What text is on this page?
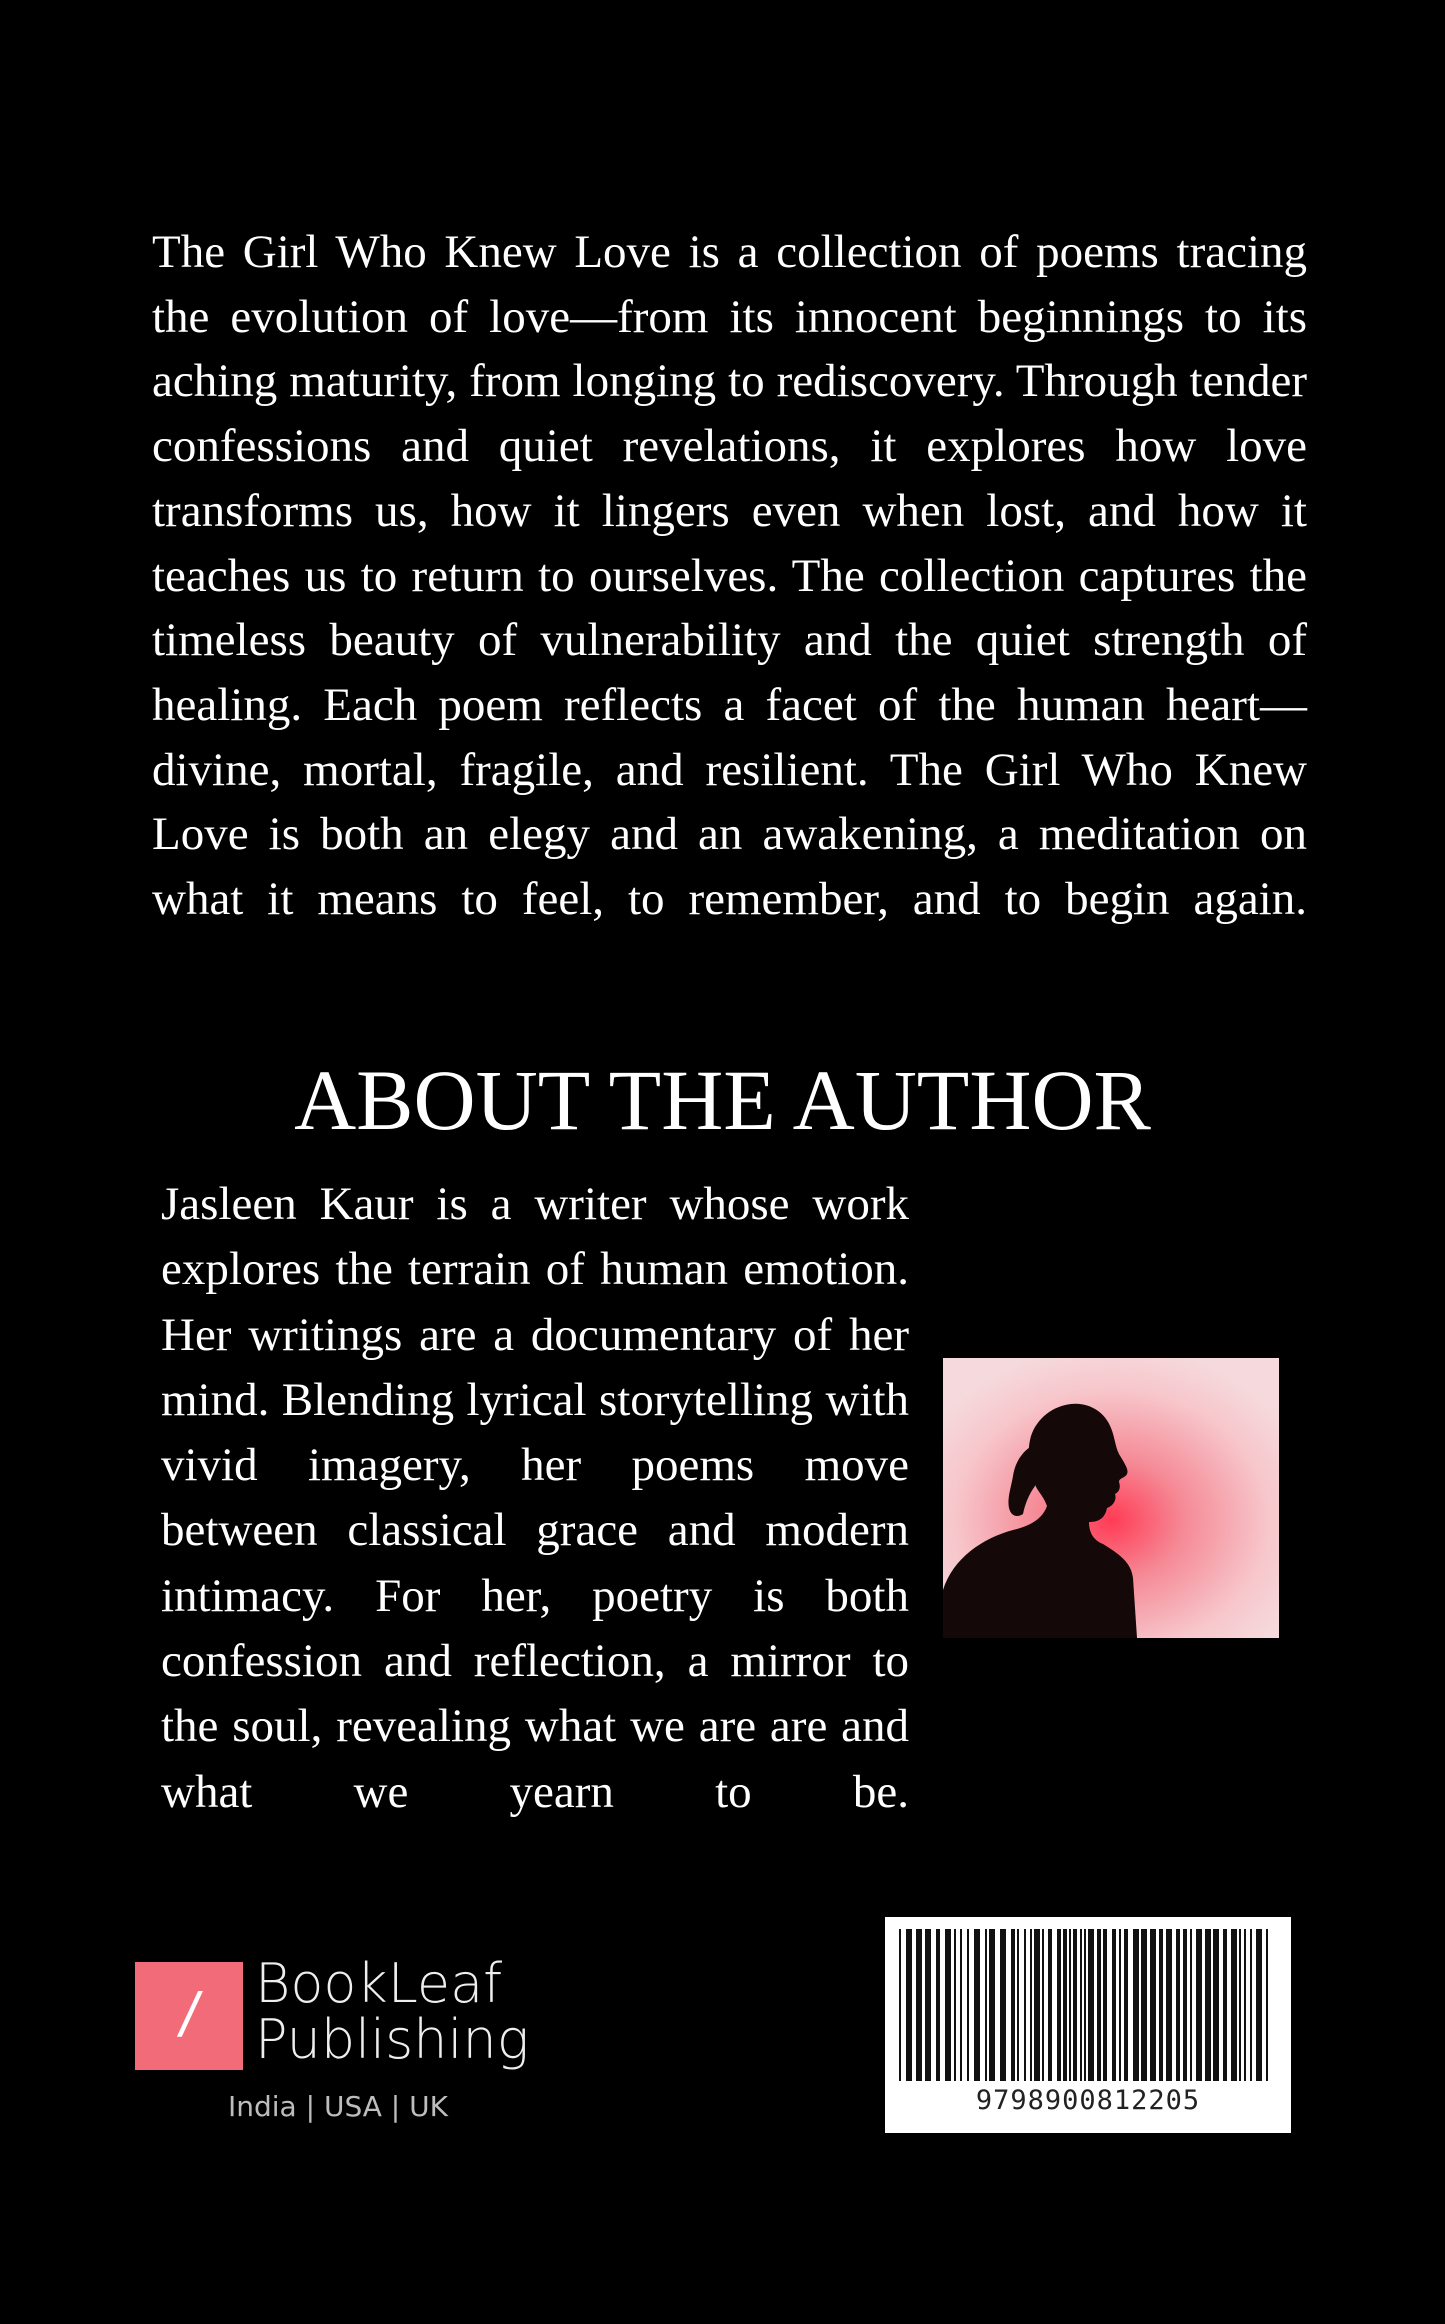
The Girl Who Knew Love is a collection of poems tracing the evolution of love—from its innocent beginnings to its aching maturity, from longing to rediscovery. Through tender confessions and quiet revelations, it explores how love transforms us, how it lingers even when lost, and how it teaches us to return to ourselves. The collection captures the timeless beauty of vulnerability and the quiet strength of healing. Each poem reflects a facet of the human heart—divine, mortal, fragile, and resilient. The Girl Who Knew Love is both an elegy and an awakening, a meditation on what it means to feel, to remember, and to begin again.

ABOUT THE AUTHOR

Jasleen Kaur is a writer whose work explores the terrain of human emotion. Her writings are a documentary of her mind. Blending lyrical storytelling with vivid imagery, her poems move between classical grace and modern intimacy. For her, poetry is both confession and reflection, a mirror to the soul, revealing what we are are and what we yearn to be.

/	BookLeaf
Publishing
India | USA | UK	9798900812205
